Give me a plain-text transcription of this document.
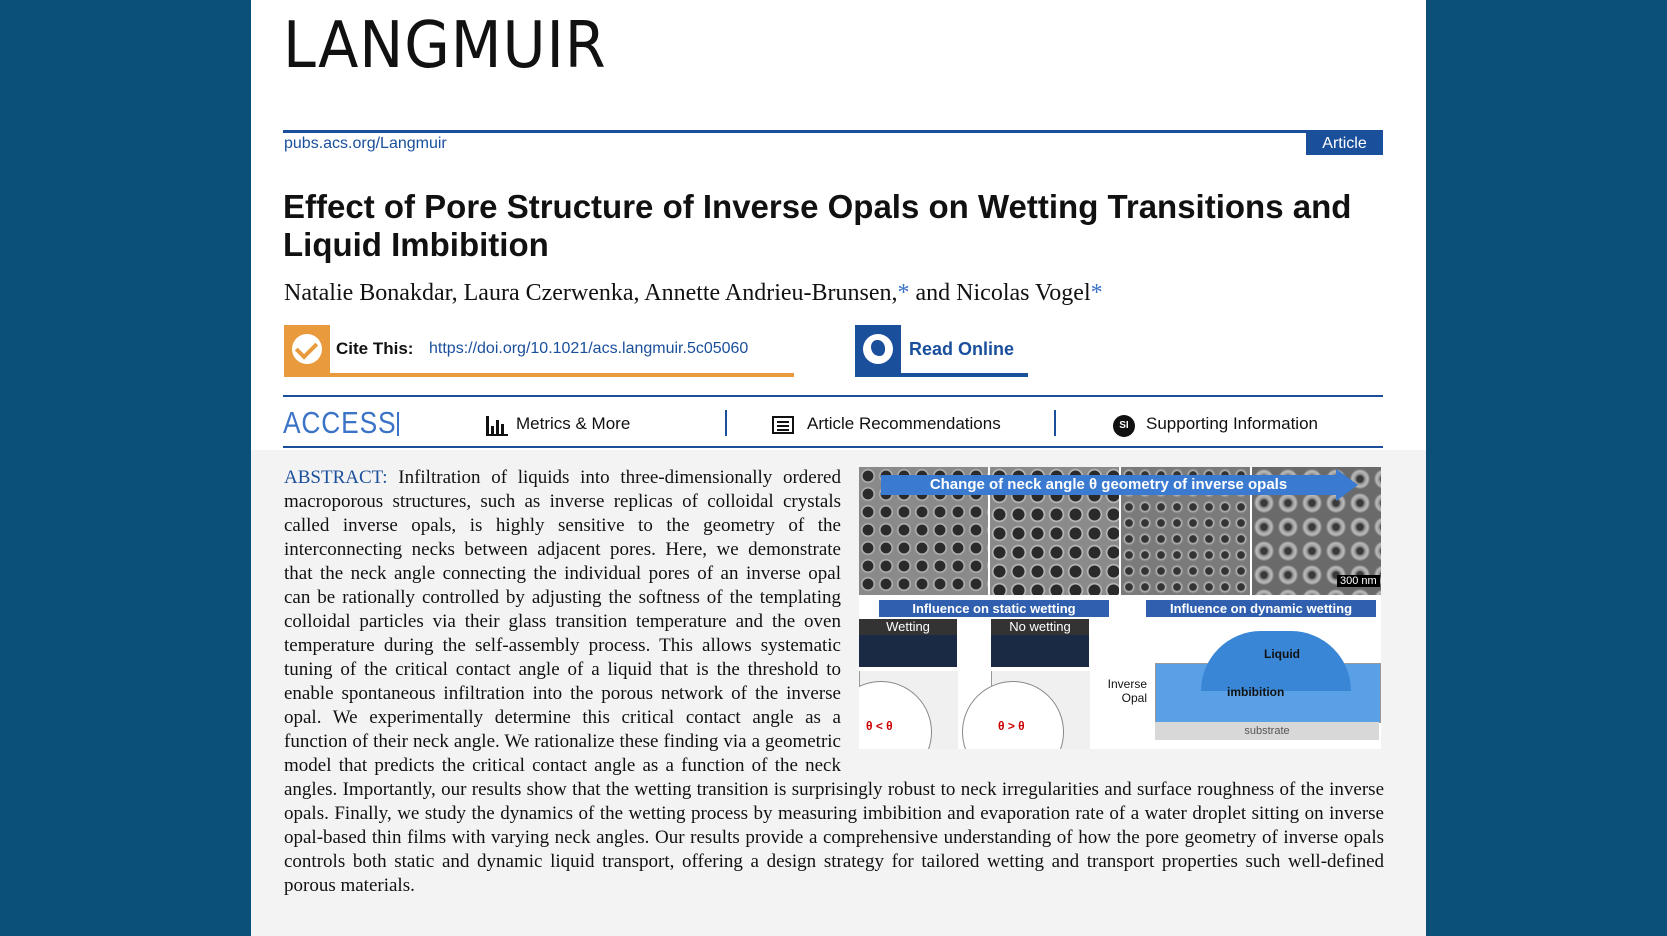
LANGMUIR
pubs.acs.org/Langmuir	Article
Effect of Pore Structure of Inverse Opals on Wetting Transitions and Liquid Imbibition
Natalie Bonakdar, Laura Czerwenka, Annette Andrieu-Brunsen,* and Nicolas Vogel*
Cite This: https://doi.org/10.1021/acs.langmuir.5c05060	Read Online
ACCESS	Metrics & More	Article Recommendations	SI	Supporting Information
ABSTRACT: Infiltration of liquids into three-dimensionally ordered macroporous structures, such as inverse replicas of colloidal crystals called inverse opals, is highly sensitive to the geometry of the interconnecting necks between adjacent pores. Here, we demonstrate that the neck angle connecting the individual pores of an inverse opal can be rationally controlled by adjusting the softness of the templating colloidal particles via their glass transition temperature and the oven temperature during the self-assembly process. This allows systematic tuning of the critical contact angle of a liquid that is the threshold to enable spontaneous infiltration into the porous network of the inverse opal. We experimentally determine this critical contact angle as a function of their neck angle. We rationalize these finding via a geometric model that predicts the critical contact angle as a function of the neck angles. Importantly, our results show that the wetting transition is surprisingly robust to neck irregularities and surface roughness of the inverse opals. Finally, we study the dynamics of the wetting process by measuring imbibition and evaporation rate of a water droplet sitting on inverse opal-based thin films with varying neck angles. Our results provide a comprehensive understanding of how the pore geometry of inverse opals controls both static and dynamic liquid transport, offering a design strategy for tailored wetting and transport properties such well-defined porous materials.
Change of neck angle θ geometry of inverse opals
300 nm
Influence on static wetting	Influence on dynamic wetting
Wetting	No wetting
θ < θ	θ > θ	substrate
Liquid
imbibition
Inverse Opal
